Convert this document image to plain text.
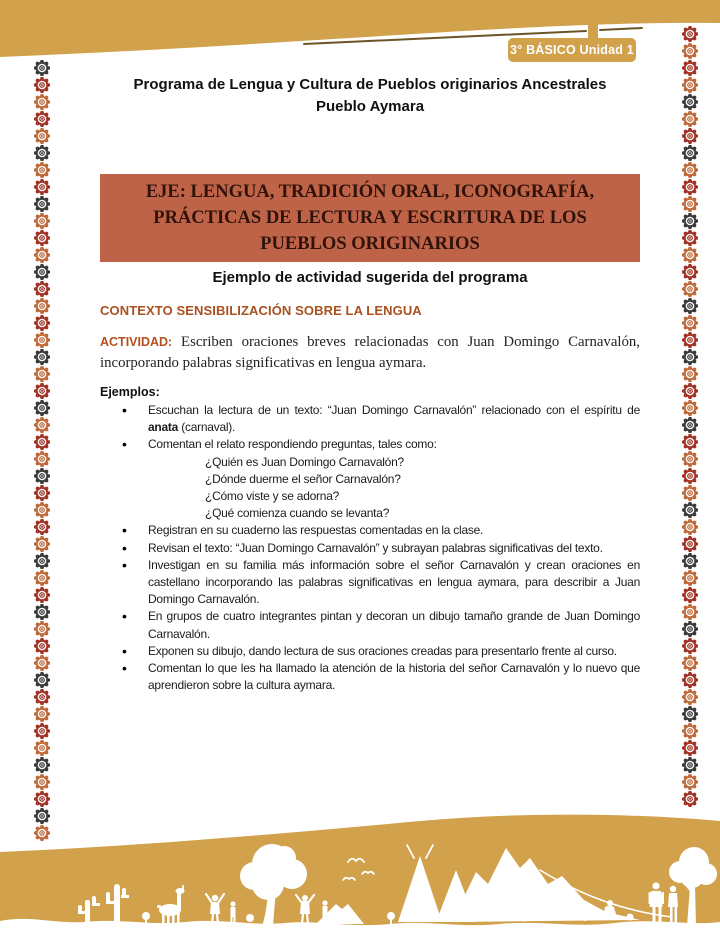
3° BÁSICO Unidad 1
Programa de Lengua y Cultura de Pueblos originarios Ancestrales
Pueblo Aymara
EJE: LENGUA, TRADICIÓN ORAL, ICONOGRAFÍA, PRÁCTICAS DE LECTURA Y ESCRITURA DE LOS PUEBLOS ORIGINARIOS
Ejemplo de actividad sugerida del programa
CONTEXTO SENSIBILIZACIÓN SOBRE LA LENGUA
ACTIVIDAD: Escriben oraciones breves relacionadas con Juan Domingo Carnavalón, incorporando palabras significativas en lengua aymara.
Ejemplos:
• Escuchan la lectura de un texto: “Juan Domingo Carnavalón” relacionado con el espíritu de anata (carnaval).
• Comentan el relato respondiendo preguntas, tales como:
¿Quién es Juan Domingo Carnavalón?
¿Dónde duerme el señor Carnavalón?
¿Cómo viste y se adorna?
¿Qué comienza cuando se levanta?
• Registran en su cuaderno las respuestas comentadas en la clase.
• Revisan el texto: “Juan Domingo Carnavalón” y subrayan palabras significativas del texto.
• Investigan en su familia más información sobre el señor Carnavalón y crean oraciones en castellano incorporando las palabras significativas en lengua aymara, para describir a Juan Domingo Carnavalón.
• En grupos de cuatro integrantes pintan y decoran un dibujo tamaño grande de Juan Domingo Carnavalón.
• Exponen su dibujo, dando lectura de sus oraciones creadas para presentarlo frente al curso.
• Comentan lo que les ha llamado la atención de la historia del señor Carnavalón y lo nuevo que aprendieron sobre la cultura aymara.
